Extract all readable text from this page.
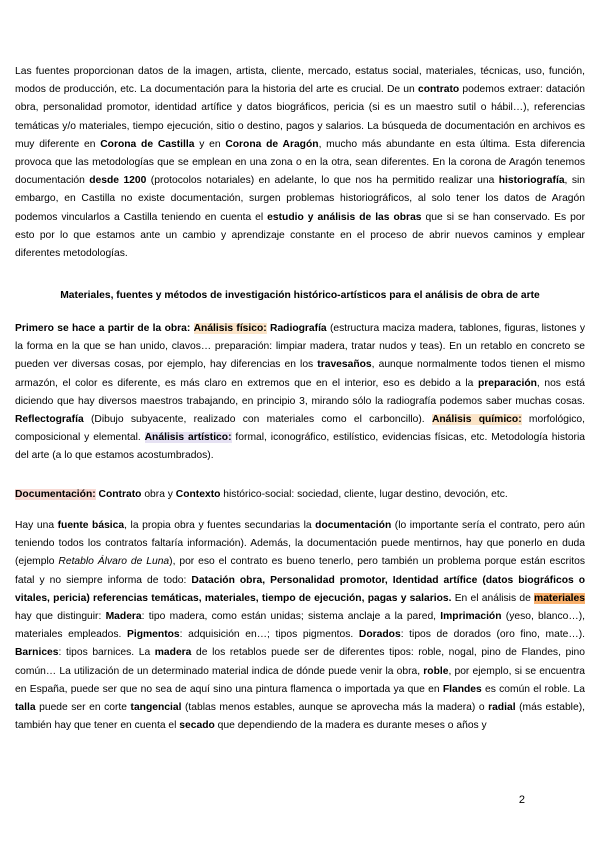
Las fuentes proporcionan datos de la imagen, artista, cliente, mercado, estatus social, materiales, técnicas, uso, función, modos de producción, etc. La documentación para la historia del arte es crucial. De un contrato podemos extraer: datación obra, personalidad promotor, identidad artífice y datos biográficos, pericia (si es un maestro sutil o hábil…), referencias temáticas y/o materiales, tiempo ejecución, sitio o destino, pagos y salarios. La búsqueda de documentación en archivos es muy diferente en Corona de Castilla y en Corona de Aragón, mucho más abundante en esta última. Esta diferencia provoca que las metodologías que se emplean en una zona o en la otra, sean diferentes. En la corona de Aragón tenemos documentación desde 1200 (protocolos notariales) en adelante, lo que nos ha permitido realizar una historiografía, sin embargo, en Castilla no existe documentación, surgen problemas historiográficos, al solo tener los datos de Aragón podemos vincularlos a Castilla teniendo en cuenta el estudio y análisis de las obras que si se han conservado. Es por esto por lo que estamos ante un cambio y aprendizaje constante en el proceso de abrir nuevos caminos y emplear diferentes metodologías.

Materiales, fuentes y métodos de investigación histórico-artísticos para el análisis de obra de arte

Primero se hace a partir de la obra: Análisis físico: Radiografía (estructura maciza madera, tablones, figuras, listones y la forma en la que se han unido, clavos… preparación: limpiar madera, tratar nudos y teas). En un retablo en concreto se pueden ver diversas cosas, por ejemplo, hay diferencias en los travesaños, aunque normalmente todos tienen el mismo armazón, el color es diferente, es más claro en extremos que en el interior, eso es debido a la preparación, nos está diciendo que hay diversos maestros trabajando, en principio 3, mirando sólo la radiografía podemos saber muchas cosas. Reflectografía (Dibujo subyacente, realizado con materiales como el carboncillo). Análisis químico: morfológico, composicional y elemental. Análisis artístico: formal, iconográfico, estilístico, evidencias físicas, etc. Metodología historia del arte (a lo que estamos acostumbrados).

Documentación: Contrato obra y Contexto histórico-social: sociedad, cliente, lugar destino, devoción, etc.

Hay una fuente básica, la propia obra y fuentes secundarias la documentación (lo importante sería el contrato, pero aún teniendo todos los contratos faltaría información). Además, la documentación puede mentirnos, hay que ponerlo en duda (ejemplo Retablo Álvaro de Luna), por eso el contrato es bueno tenerlo, pero también un problema porque están escritos fatal y no siempre informa de todo: Datación obra, Personalidad promotor, Identidad artífice (datos biográficos o vitales, pericia) referencias temáticas, materiales, tiempo de ejecución, pagas y salarios. En el análisis de materiales hay que distinguir: Madera: tipo madera, como están unidas; sistema anclaje a la pared, Imprimación (yeso, blanco…), materiales empleados. Pigmentos: adquisición en…; tipos pigmentos. Dorados: tipos de dorados (oro fino, mate…). Barnices: tipos barnices. La madera de los retablos puede ser de diferentes tipos: roble, nogal, pino de Flandes, pino común… La utilización de un determinado material indica de dónde puede venir la obra, roble, por ejemplo, si se encuentra en España, puede ser que no sea de aquí sino una pintura flamenca o importada ya que en Flandes es común el roble. La talla puede ser en corte tangencial (tablas menos estables, aunque se aprovecha más la madera) o radial (más estable), también hay que tener en cuenta el secado que dependiendo de la madera es durante meses o años y

2
